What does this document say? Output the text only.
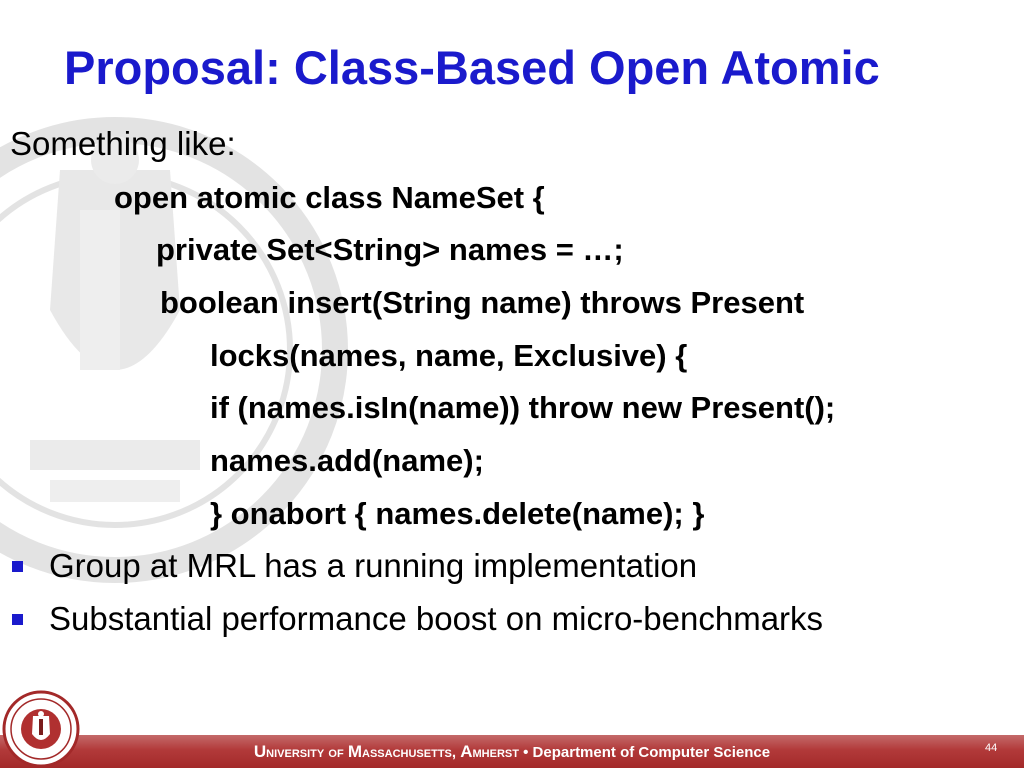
Proposal: Class-Based Open Atomic
Something like:
open atomic class NameSet {
private Set<String> names = …;
boolean insert(String name) throws Present
locks(names, name, Exclusive) {
if (names.isIn(name)) throw new Present();
names.add(name);
} onabort { names.delete(name); }
Group at MRL has a running implementation
Substantial performance boost on micro-benchmarks
University of Massachusetts, Amherst • Department of Computer Science	44
